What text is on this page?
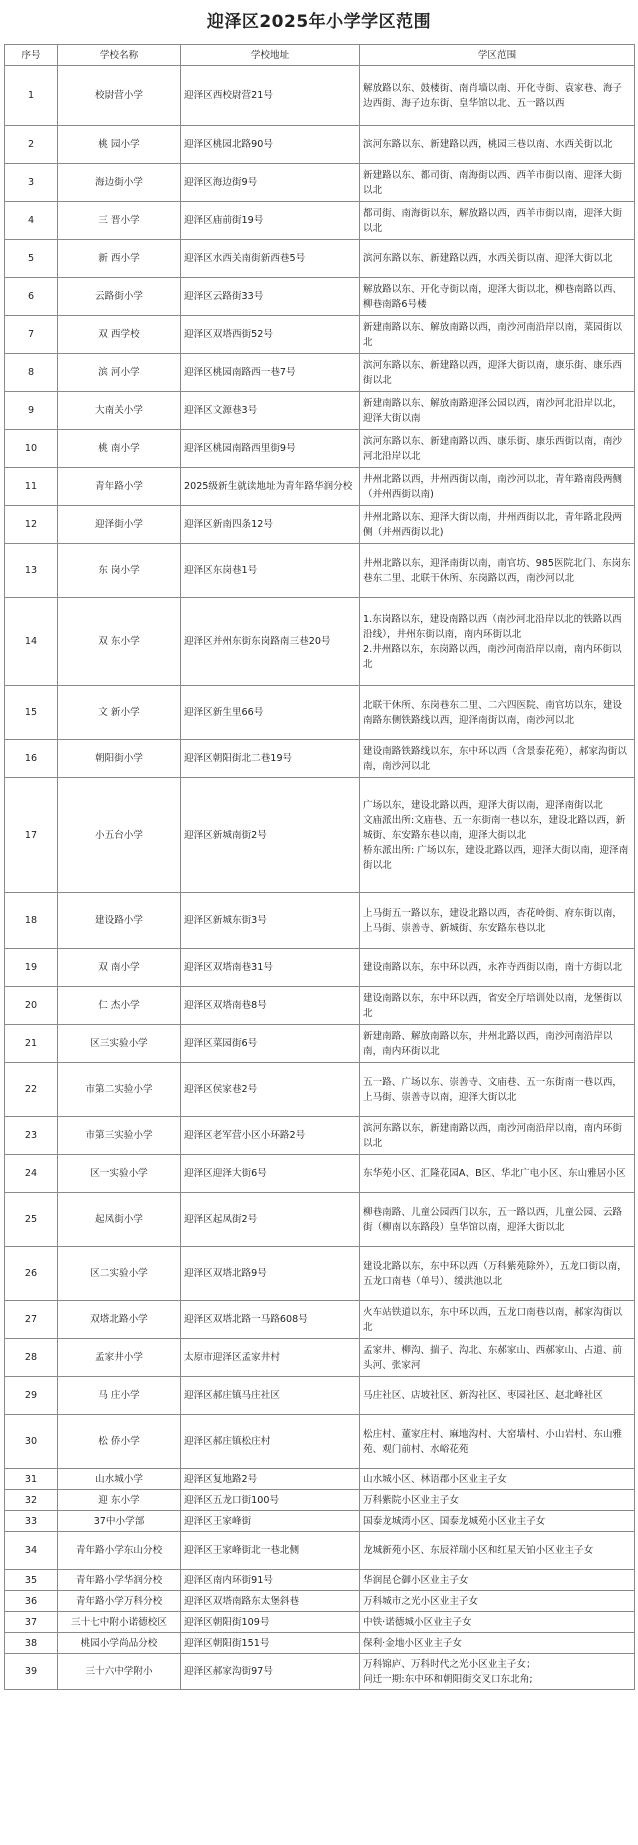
迎泽区2025年小学学区范围
序号	学校名称	学校地址	学区范围
1	校尉营小学	迎泽区西校尉营21号	解放路以东、鼓楼街、南肖墙以南、开化寺街、袁家巷、海子边西街、海子边东街、皇华馆以北、五一路以西
2	桃 园小学	迎泽区桃园北路90号	滨河东路以东、新建路以西，桃园三巷以南、水西关街以北
3	海边街小学	迎泽区海边街9号	新建路以东、都司街、南海街以西、西羊市街以南、迎泽大街以北
4	三 晋小学	迎泽区庙前街19号	都司街、南海街以东，解放路以西，西羊市街以南，迎泽大街以北
5	新 西小学	迎泽区水西关南街新西巷5号	滨河东路以东、新建路以西，水西关街以南、迎泽大街以北
6	云路街小学	迎泽区云路街33号	解放路以东、开化寺街以南，迎泽大街以北，柳巷南路以西、柳巷南路6号楼
7	双 西学校	迎泽区双塔西街52号	新建南路以东、解放南路以西，南沙河南沿岸以南，菜园街以北
8	滨 河小学	迎泽区桃园南路西一巷7号	滨河东路以东、新建路以西，迎泽大街以南，康乐街、康乐西街以北
9	大南关小学	迎泽区文源巷3号	新建南路以东、解放南路迎泽公园以西，南沙河北沿岸以北，迎泽大街以南
10	桃 南小学	迎泽区桃园南路西里街9号	滨河东路以东、新建南路以西、康乐街、康乐西街以南，南沙河北沿岸以北
11	青年路小学	2025级新生就读地址为青年路华润分校	井州北路以西，井州西街以南，南沙河以北，青年路南段两侧（并州西街以南)
12	迎泽街小学	迎泽区新南四条12号	井州北路以东、迎泽大街以南，井州西街以北，青年路北段两侧（并州西街以北)
13	东 岗小学	迎泽区东岗巷1号	井州北路以东，迎泽南街以南，南官坊、985医院北门、东岗东巷东二里、北联干休所、东岗路以西，南沙河以北
14	双 东小学	迎泽区并州东街东岗路南三巷20号	1.东岗路以东，建设南路以西（南沙河北沿岸以北的铁路以西沿线），井州东街以南，南内环街以北
2.井州路以东，东岗路以西，南沙河南沿岸以南，南内环街以北
15	文 新小学	迎泽区新生里66号	北联干休所、东岗巷东二里、二六四医院、南官坊以东，建设南路东侧铁路线以西，迎泽南街以南，南沙河以北
16	朝阳街小学	迎泽区朝阳街北二巷19号	建设南路铁路线以东，东中环以西（含景泰花苑），郝家沟街以南，南沙河以北
17	小五台小学	迎泽区新城南街2号	广场以东，建设北路以西，迎泽大街以南，迎泽南街以北
文庙派出所:文庙巷、五一东街南一巷以东，建设北路以西，新城街、东安路东巷以南，迎泽大街以北
桥东派出所: 广场以东，建设北路以西，迎泽大街以南，迎泽南街以北
18	建设路小学	迎泽区新城东街3号	上马街五一路以东，建设北路以西，杏花岭街、府东街以南，上马街、崇善寺、新城街、东安路东巷以北
19	双 南小学	迎泽区双塔南巷31号	建设南路以东，东中环以西，永祚寺西街以南，南十方街以北
20	仁 杰小学	迎泽区双塔南巷8号	建设南路以东，东中环以西，省安全厅培训处以南，龙堡街以北
21	区三实验小学	迎泽区菜园街6号	新建南路、解放南路以东，井州北路以西，南沙河南沿岸以南，南内环街以北
22	市第二实验小学	迎泽区侯家巷2号	五一路、广场以东、崇善寺、文庙巷、五一东街南一巷以西，上马街、崇善寺以南，迎泽大街以北
23	市第三实验小学	迎泽区老军营小区小环路2号	滨河东路以东，新建南路以西，南沙河南沿岸以南，南内环街以北
24	区一实验小学	迎泽区迎泽大街6号	东华苑小区、汇隆花园A、B区、华北广电小区、东山雅居小区
25	起凤街小学	迎泽区起凤街2号	柳巷南路、儿童公园西门以东，五一路以西，儿童公园、云路街（柳南以东路段）皇华馆以南，迎泽大街以北
26	区二实验小学	迎泽区双塔北路9号	建设北路以东，东中环以西（万科紫苑除外），五龙口街以南，五龙口南巷（单号）、缓洪池以北
27	双塔北路小学	迎泽区双塔北路一马路608号	火车站铁道以东，东中环以西，五龙口南巷以南，郝家沟街以北
28	孟家井小学	太原市迎泽区孟家井村	孟家井、柳沟、揣子、沟北、东郝家山、西郝家山、占道、前头河、张家河
29	马 庄小学	迎泽区郝庄镇马庄社区	马庄社区、店坡社区、新沟社区、枣园社区、赵北峰社区
30	松 侨小学	迎泽区郝庄镇松庄村	松庄村、董家庄村、麻地沟村、大窑墙村、小山岩村、东山雅苑、观门前村、水峪花苑
31	山水城小学	迎泽区复地路2号	山水城小区、林语郡小区业主子女
32	迎 东小学	迎泽区五龙口街100号	万科紫院小区业主子女
33	37中小学部	迎泽区王家峰街	国泰龙城湾小区、国泰龙城苑小区业主子女
34	青年路小学东山分校	迎泽区王家峰街北一巷北侧	龙城新苑小区、东辰祥瑞小区和红星天铂小区业主子女
35	青年路小学华润分校	迎泽区南内环街91号	华润昆仑御小区业主子女
36	青年路小学万科分校	迎泽区双塔南路东太堡斜巷	万科城市之光小区业主子女
37	三十七中附小诺德校区	迎泽区朝阳街109号	中铁·诺德城小区业主子女
38	桃园小学尚品分校	迎泽区朝阳街151号	保利·金地小区业主子女
39	三十六中学附小	迎泽区郝家沟街97号	万科锦庐、万科时代之光小区业主子女；
问迁一期:东中环和朝阳街交叉口东北角;
